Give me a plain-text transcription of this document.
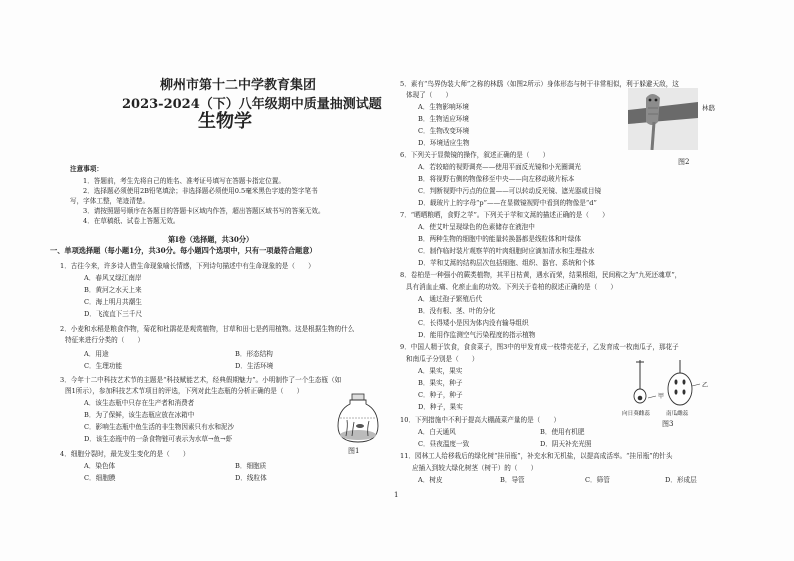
柳州市第十二中学教育集团
2023-2024（下）八年级期中质量抽测试题
生物学
注意事项：
1．答题前，考生先将自己的姓名、准考证号填写在答题卡指定位置。
2．选择题必须使用2B铅笔填涂；非选择题必须使用0.5毫米黑色字迹的签字笔书
写，字体工整，笔迹清楚。
3．请按照题号顺序在各题目的答题卡区域内作答，超出答题区域书写的答案无效。
4．在草稿纸、试卷上答题无效。
第Ⅰ卷（选择题，共30分）
一、单项选择题（每小题1分，共30分。每小题四个选项中，只有一项最符合题意）
1．古往今来，许多诗人借生命现象喻长情感，下列诗句描述中有生命现象的是（　　）
A．春风又绿江南岸
B．黄河之水天上来
C．海上明月共潮生
D．飞流直下三千尺
2．小麦和水稻是粮食作物，菊花和杜鹃花是观赏植物，甘草和田七是药用植物。这是根据生物的什么
特征来进行分类的（　　）
A．用途	B．形态结构
C．生理功能	D．生活环境
3．今年十二中科技艺术节的主题是“科技赋能艺术，经典假期魅力”。小明制作了一个生态瓶（如
图1所示），参加科技艺术节项目的评选，下列对此生态瓶的分析正确的是（　　）
A．该生态瓶中只存在生产者和消费者
B．为了保鲜，该生态瓶应放在冰箱中
C．影响生态瓶中鱼生活的非生物因素只有水和泥沙
D．该生态瓶中的一条食物链可表示为水草→鱼→虾
4．细胞分裂时，最先发生变化的是（　　）
A．染色体	B．细胞质
C．细胞膜	D．线粒体
图1
5．素有“鸟界伪装大师”之称的林鸱（如图2所示）身体形态与树干非常相似，利于躲避天敌，这
体现了（　　）
A．生物影响环境
B．生物适应环境
C．生物改变环境
D．环境适应生物
林鸱
图2
6．下列关于显微镜的操作，叙述正确的是（　　）
A．若较暗的视野调亮——使用平面反光镜和小光圈调光
B．将视野右侧的物像移至中央——向左移动玻片标本
C．判断视野中污点的位置——可以转动反光镜、遮光器或目镜
D．载玻片上的字母“p”——在显微镜视野中看到的物像是“d”
7．“晒晒粮晒，食野之苹”。下列关于苹和文蒿的描述正确的是（　　）
A．使艾叶呈现绿色的色素储存在液泡中
B．两种生物的细胞中的能量转换器都是线粒体和叶绿体
C．制作临时装片观察苹的叶肉细胞时应滴加清水和生理盐水
D．苹和艾蒿的结构层次包括细胞、组织、器官、系统和个体
8．卷柏是一种强小的蕨类植物，其平日枯黄，遇水而荣，结果根组，民间称之为“九死还魂草”，
具有消血止痛、化瘀止血的功效。下列关于卷柏的叙述正确的是（　　）
A．通过孢子繁殖后代
B．没有根、茎、叶的分化
C．长得矮小是因为体内没有输导组织
D．能用作监测空气污染程度的指示植物
9．中国人精于饮食，食食菜子，图3中的甲发育成一枝带壳花子，乙发育成一枚南瓜子，那花子
和南瓜子分别是（　　）
A．果实，果实
B．果实，种子
C．种子，种子
D．种子，果实
甲
乙
向日葵雌蕊	南瓜雌蕊
图3
10．下列措施中不利于提高大棚蔬菜产量的是（　　）
A．白天通风	B．使用有机肥
C．昼夜温度一致	D．阴天补充光照
11．园林工人给移栽后的绿化树“挂吊瓶”，补充水和无机盐，以提高成活率。“挂吊瓶”的针头
应插入到较大绿化树茎（树干）的（　　）
A．树皮	B．导管	C．筛管	D．形成层
1
